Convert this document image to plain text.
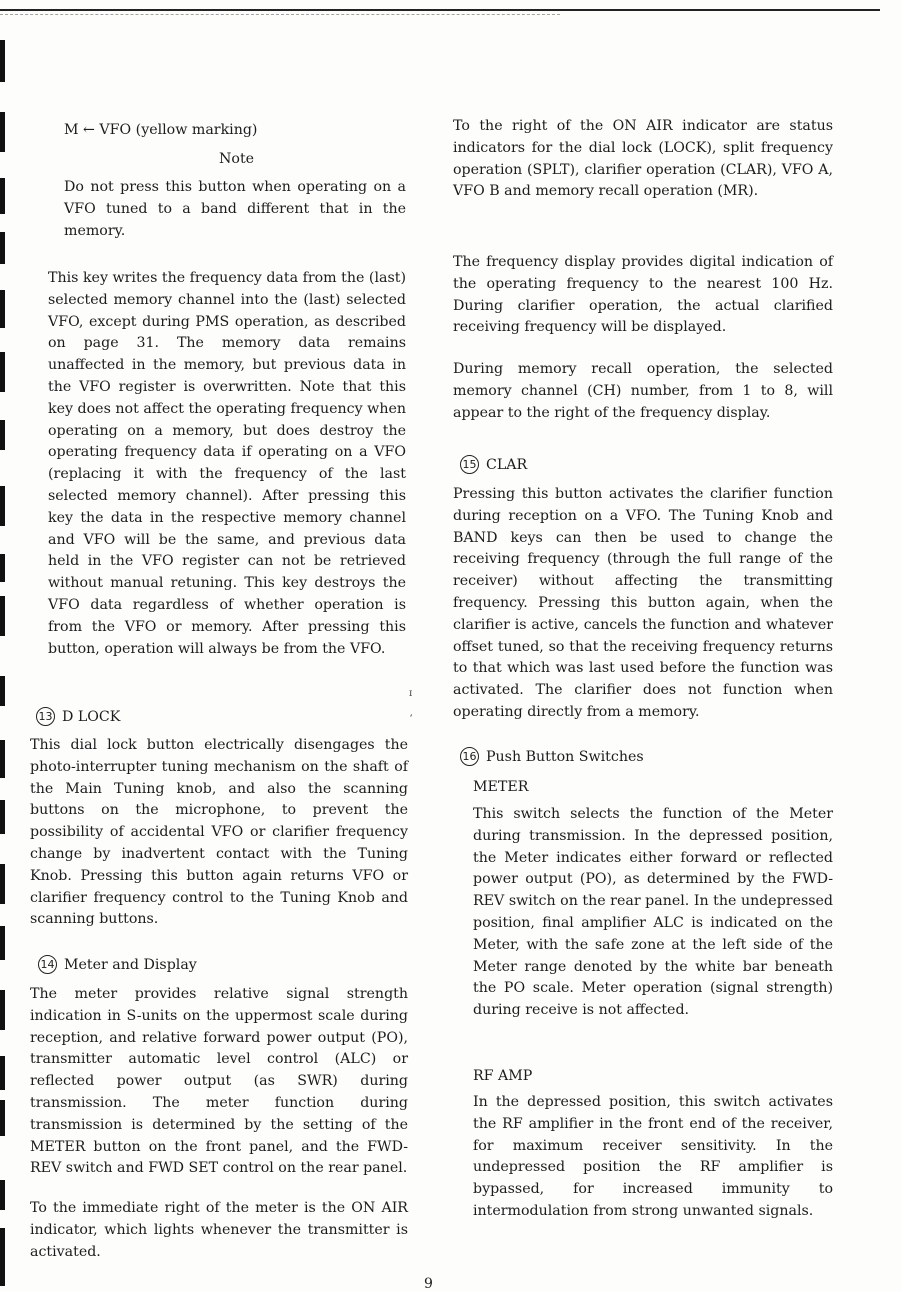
M ← VFO (yellow marking)
Note

Do not press this button when operating on a VFO tuned to a band different that in the memory.

This key writes the frequency data from the (last) selected memory channel into the (last) selected VFO, except during PMS operation, as described on page 31. The memory data remains unaffected in the memory, but previous data in the VFO register is overwritten. Note that this key does not affect the operating frequency when operating on a memory, but does destroy the operating frequency data if operating on a VFO (replacing it with the frequency of the last selected memory channel). After pressing this key the data in the respective memory channel and VFO will be the same, and previous data held in the VFO register can not be retrieved without manual retuning. This key destroys the VFO data regardless of whether operation is from the VFO or memory. After pressing this button, operation will always be from the VFO.

13 D LOCK

This dial lock button electrically disengages the photo-interrupter tuning mechanism on the shaft of the Main Tuning knob, and also the scanning buttons on the microphone, to prevent the possibility of accidental VFO or clarifier frequency change by inadvertent contact with the Tuning Knob. Pressing this button again returns VFO or clarifier frequency control to the Tuning Knob and scanning buttons.

14 Meter and Display

The meter provides relative signal strength indication in S-units on the uppermost scale during reception, and relative forward power output (PO), transmitter automatic level control (ALC) or reflected power output (as SWR) during transmission. The meter function during transmission is determined by the setting of the METER button on the front panel, and the FWD-REV switch and FWD SET control on the rear panel.

To the immediate right of the meter is the ON AIR indicator, which lights whenever the transmitter is activated.

To the right of the ON AIR indicator are status indicators for the dial lock (LOCK), split frequency operation (SPLT), clarifier operation (CLAR), VFO A, VFO B and memory recall operation (MR).

The frequency display provides digital indication of the operating frequency to the nearest 100 Hz. During clarifier operation, the actual clarified receiving frequency will be displayed.

During memory recall operation, the selected memory channel (CH) number, from 1 to 8, will appear to the right of the frequency display.

15 CLAR

Pressing this button activates the clarifier function during reception on a VFO. The Tuning Knob and BAND keys can then be used to change the receiving frequency (through the full range of the receiver) without affecting the transmitting frequency. Pressing this button again, when the clarifier is active, cancels the function and whatever offset tuned, so that the receiving frequency returns to that which was last used before the function was activated. The clarifier does not function when operating directly from a memory.

16 Push Button Switches
METER

This switch selects the function of the Meter during transmission. In the depressed position, the Meter indicates either forward or reflected power output (PO), as determined by the FWD-REV switch on the rear panel. In the undepressed position, final amplifier ALC is indicated on the Meter, with the safe zone at the left side of the Meter range denoted by the white bar beneath the PO scale. Meter operation (signal strength) during receive is not affected.

RF AMP

In the depressed position, this switch activates the RF amplifier in the front end of the receiver, for maximum receiver sensitivity. In the undepressed position the RF amplifier is bypassed, for increased immunity to intermodulation from strong unwanted signals.

9
ɪ
⸴
